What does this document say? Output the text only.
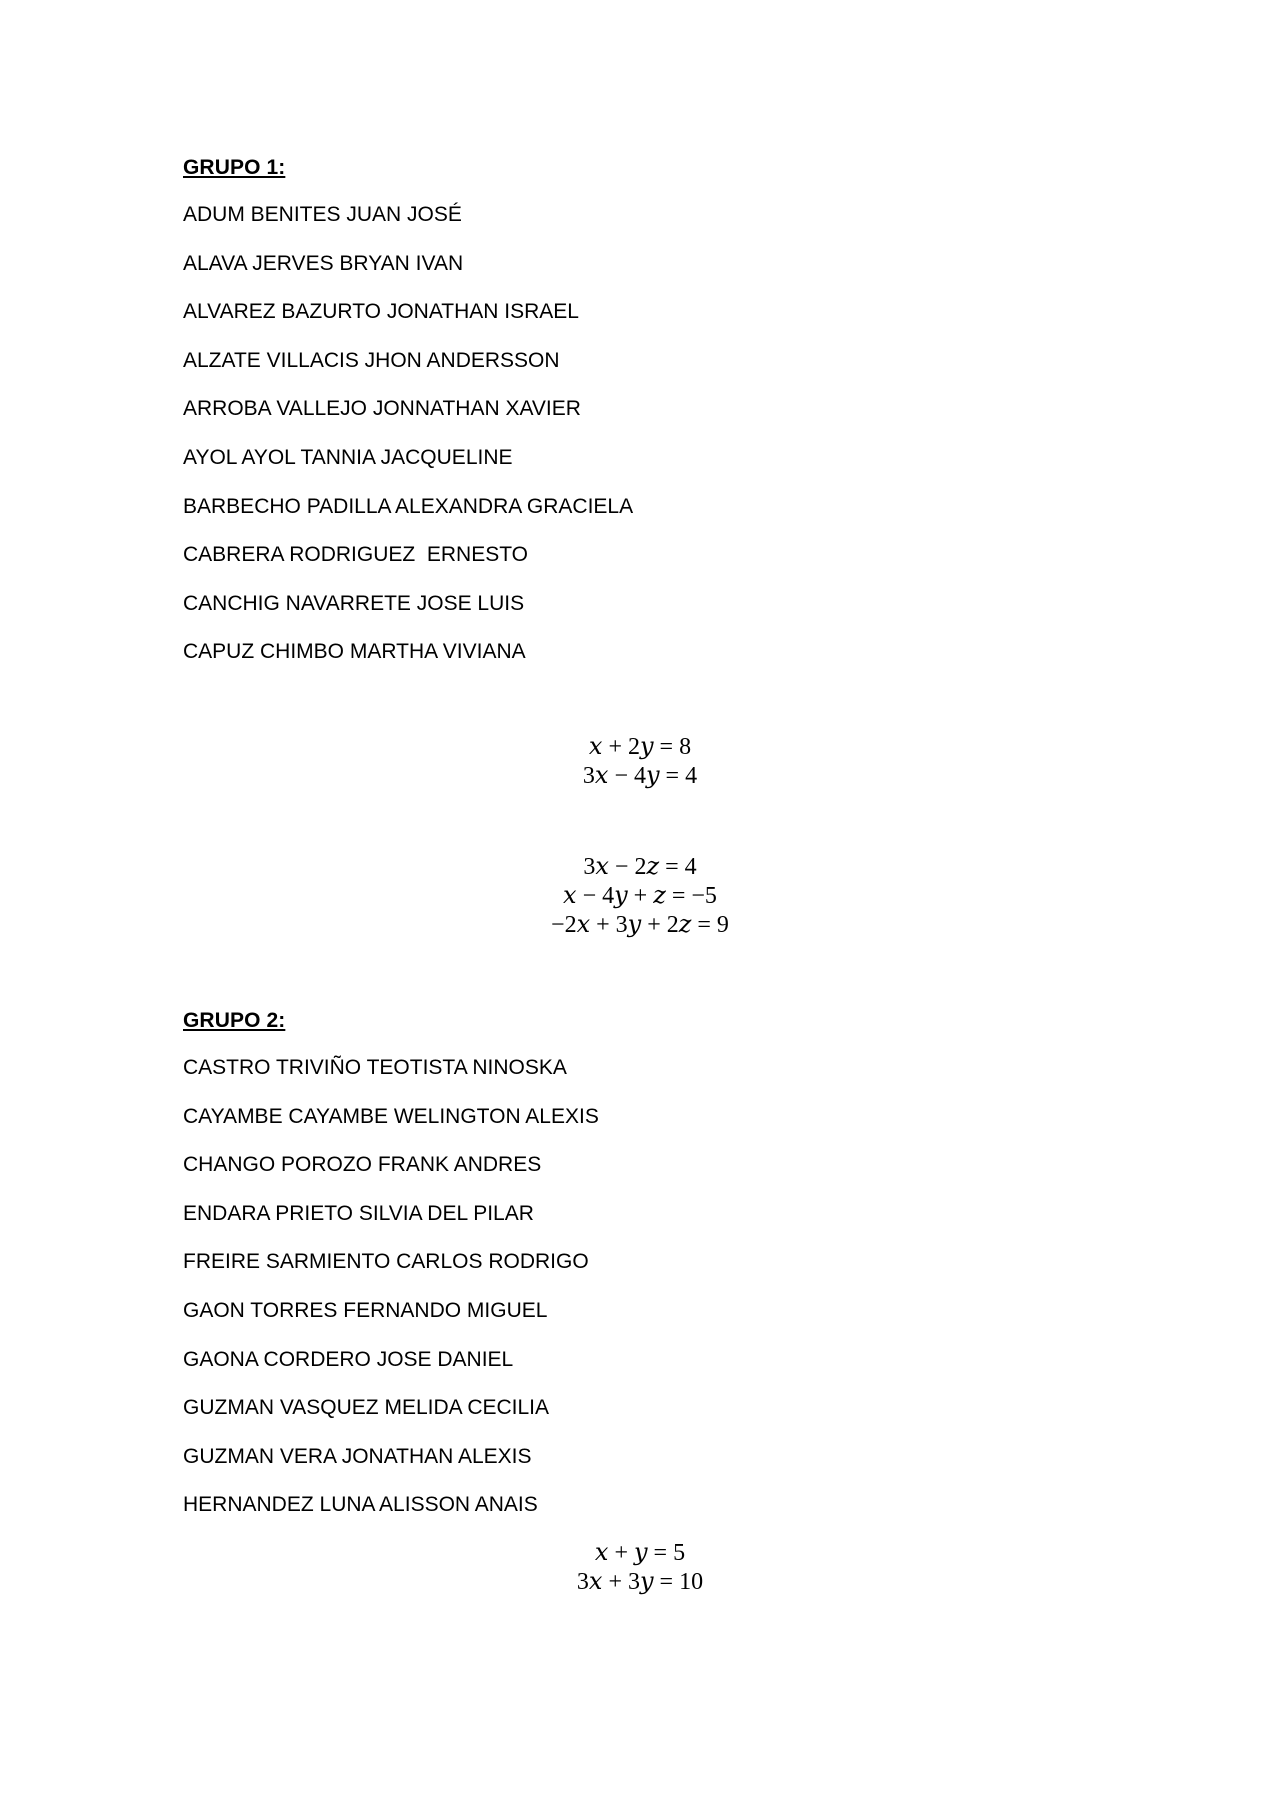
GRUPO 1:
ADUM BENITES JUAN JOSÉ
ALAVA JERVES BRYAN IVAN
ALVAREZ BAZURTO JONATHAN ISRAEL
ALZATE VILLACIS JHON ANDERSSON
ARROBA VALLEJO JONNATHAN XAVIER
AYOL AYOL TANNIA JACQUELINE
BARBECHO PADILLA ALEXANDRA GRACIELA
CABRERA RODRIGUEZ  ERNESTO
CANCHIG NAVARRETE JOSE LUIS
CAPUZ CHIMBO MARTHA VIVIANA
𝑥 + 2𝑦 = 8
3𝑥 − 4𝑦 = 4
3𝑥 − 2𝑧 = 4
𝑥 − 4𝑦 + 𝑧 = −5
−2𝑥 + 3𝑦 + 2𝑧 = 9
GRUPO 2:
CASTRO TRIVIÑO TEOTISTA NINOSKA
CAYAMBE CAYAMBE WELINGTON ALEXIS
CHANGO POROZO FRANK ANDRES
ENDARA PRIETO SILVIA DEL PILAR
FREIRE SARMIENTO CARLOS RODRIGO
GAON TORRES FERNANDO MIGUEL
GAONA CORDERO JOSE DANIEL
GUZMAN VASQUEZ MELIDA CECILIA
GUZMAN VERA JONATHAN ALEXIS
HERNANDEZ LUNA ALISSON ANAIS
𝑥 + 𝑦 = 5
3𝑥 + 3𝑦 = 10
